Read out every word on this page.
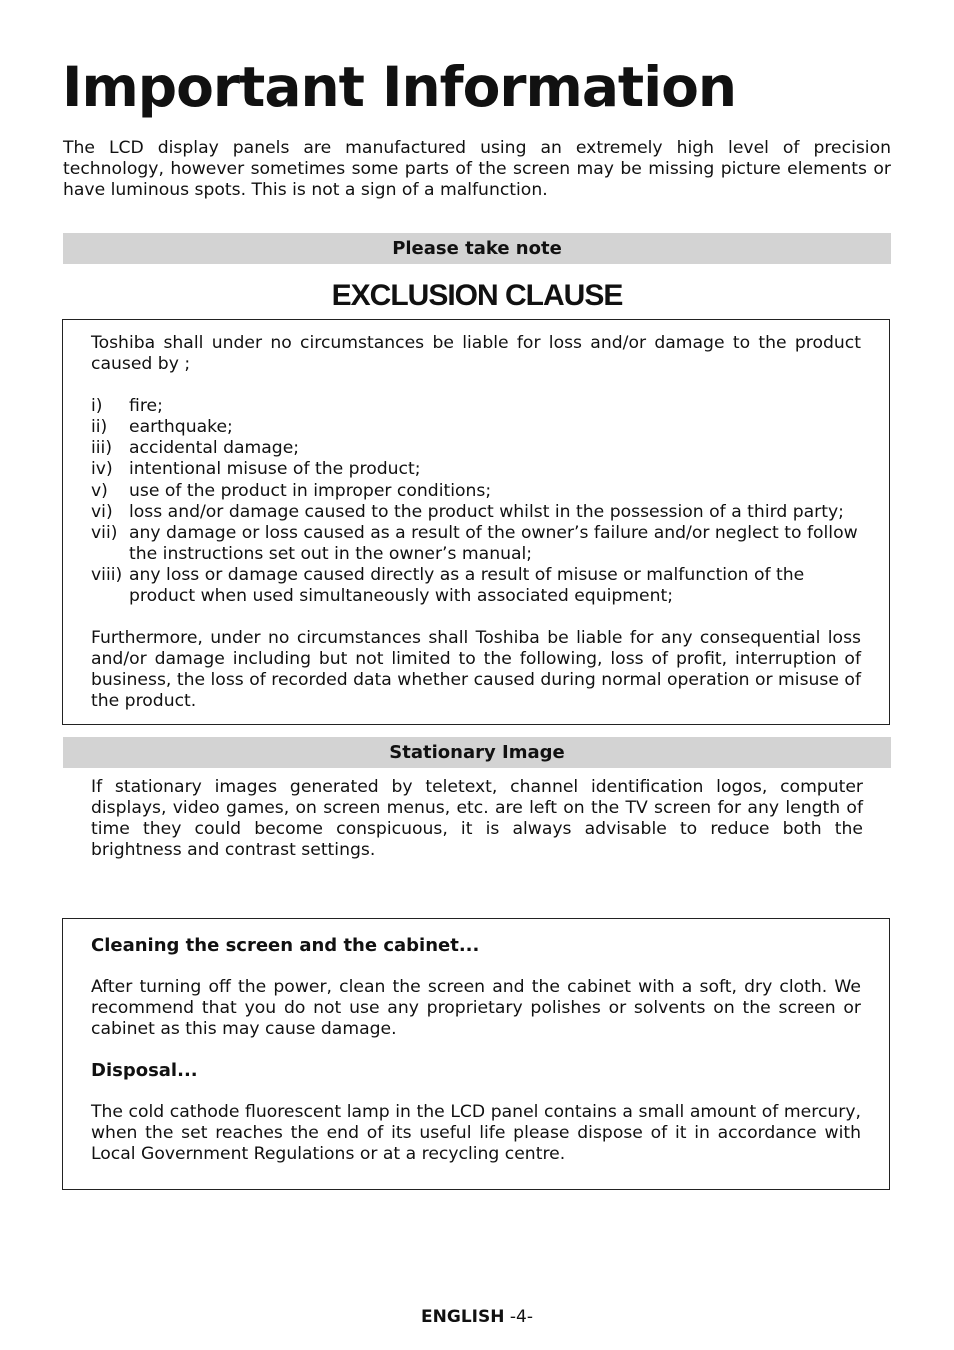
Important Information

The LCD display panels are manufactured using an extremely high level of precision technology, however sometimes some parts of the screen may be missing picture elements or have luminous spots. This is not a sign of a malfunction.

Please take note
EXCLUSION CLAUSE

Toshiba shall under no circumstances be liable for loss and/or damage to the product caused by ;

i)	fire;
ii)	earthquake;
iii) accidental damage;
iv) intentional misuse of the product;
v)	use of the product in improper conditions;
vi) loss and/or damage caused to the product whilst in the possession of a third party;
vii) any damage or loss caused as a result of the owner’s failure and/or neglect to follow the instructions set out in the owner’s manual;
viii) any loss or damage caused directly as a result of misuse or malfunction of the product when used simultaneously with associated equipment;

Furthermore, under no circumstances shall Toshiba be liable for any consequential loss and/or damage including but not limited to the following, loss of profit, interruption of business, the loss of recorded data whether caused during normal operation or misuse of the product.

Stationary Image

If stationary images generated by teletext, channel identification logos, computer displays, video games, on screen menus, etc. are left on the TV screen for any length of time they could become conspicuous, it is always advisable to reduce both the brightness and contrast settings.

Cleaning the screen and the cabinet...

After turning off the power, clean the screen and the cabinet with a soft, dry cloth. We recommend that you do not use any proprietary polishes or solvents on the screen or cabinet as this may cause damage.

Disposal...

The cold cathode fluorescent lamp in the LCD panel contains a small amount of mercury, when the set reaches the end of its useful life please dispose of it in accordance with Local Government Regulations or at a recycling centre.

ENGLISH -4-
